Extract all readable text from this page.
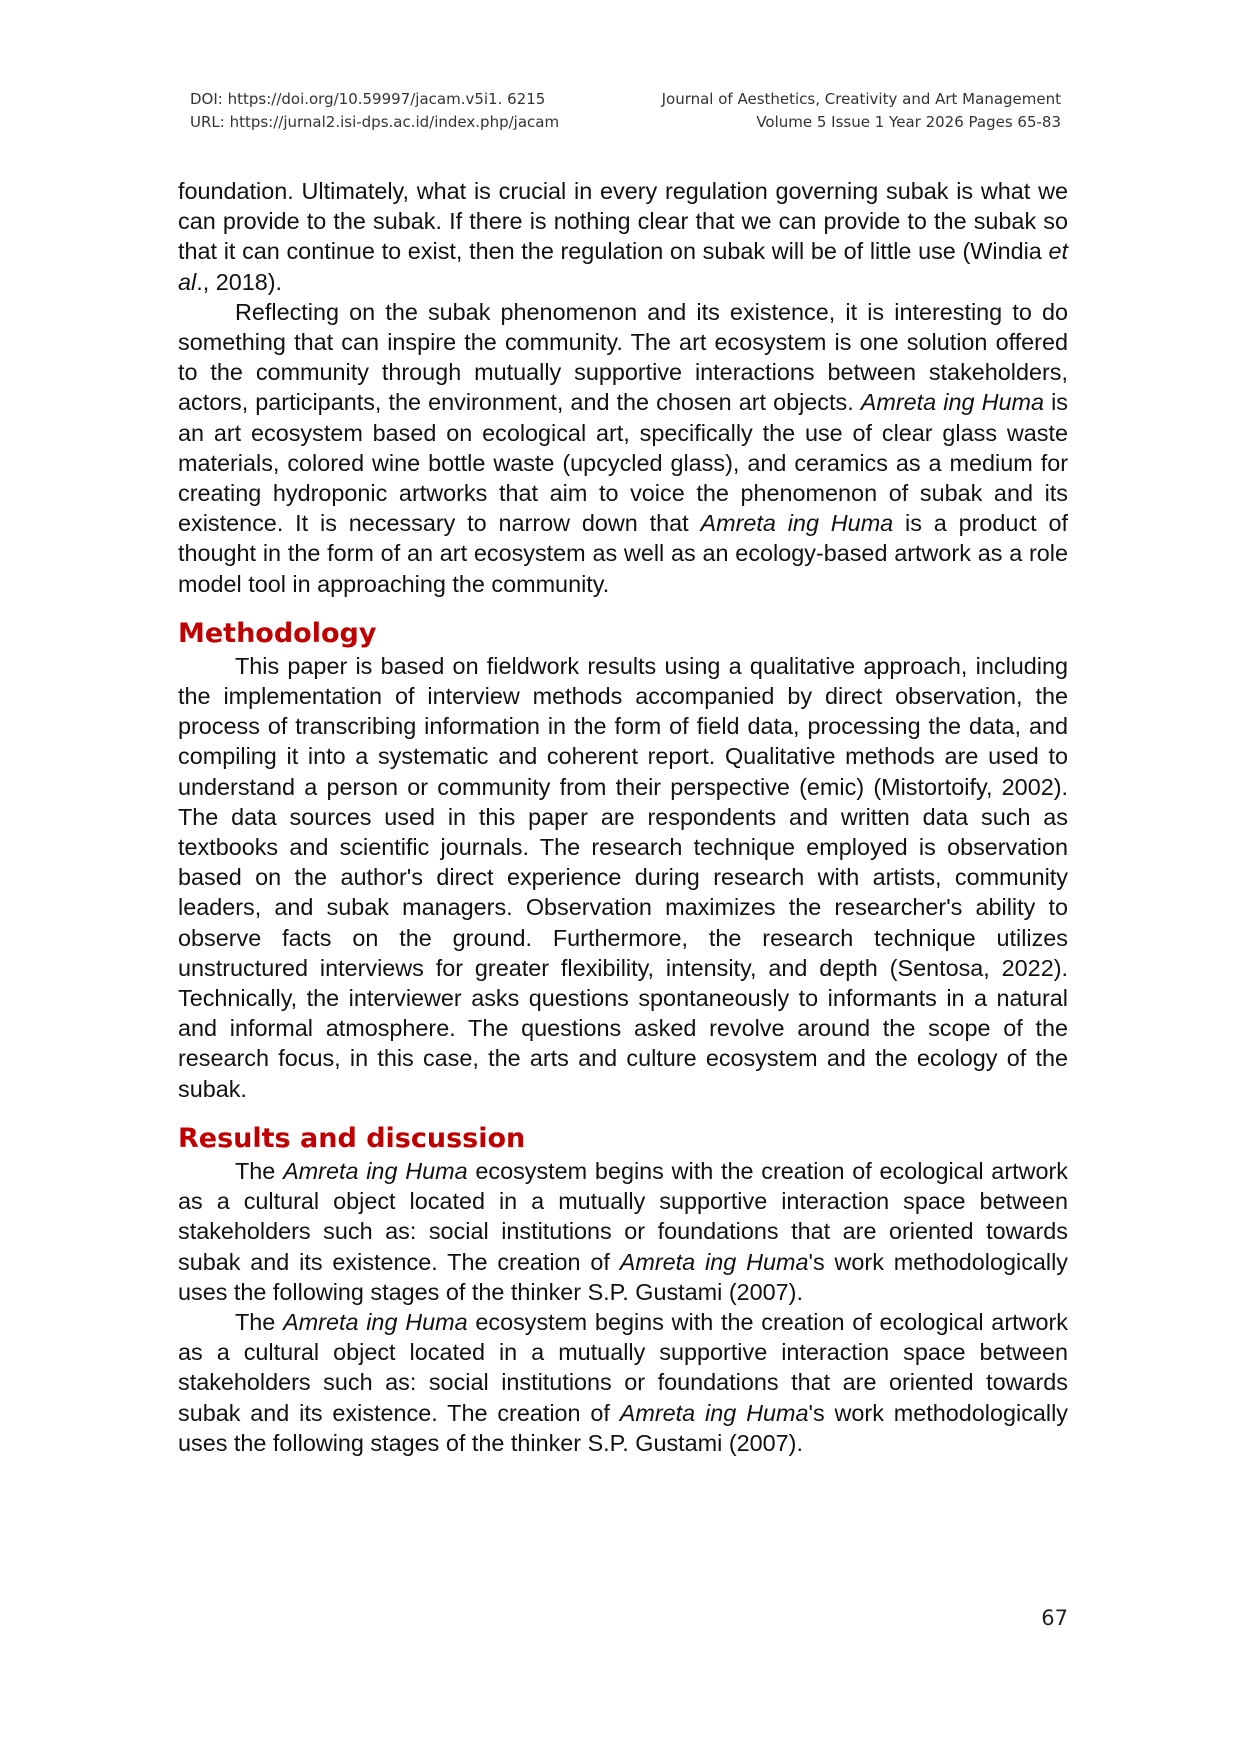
DOI: https://doi.org/10.59997/jacam.v5i1. 6215
URL: https://jurnal2.isi-dps.ac.id/index.php/jacam
Journal of Aesthetics, Creativity and Art Management
Volume 5 Issue 1 Year 2026 Pages 65-83

foundation. Ultimately, what is crucial in every regulation governing subak is what we can provide to the subak. If there is nothing clear that we can provide to the subak so that it can continue to exist, then the regulation on subak will be of little use (Windia et al., 2018).

Reflecting on the subak phenomenon and its existence, it is interesting to do something that can inspire the community. The art ecosystem is one solution offered to the community through mutually supportive interactions between stakeholders, actors, participants, the environment, and the chosen art objects. Amreta ing Huma is an art ecosystem based on ecological art, specifically the use of clear glass waste materials, colored wine bottle waste (upcycled glass), and ceramics as a medium for creating hydroponic artworks that aim to voice the phenomenon of subak and its existence. It is necessary to narrow down that Amreta ing Huma is a product of thought in the form of an art ecosystem as well as an ecology-based artwork as a role model tool in approaching the community.

Methodology

This paper is based on fieldwork results using a qualitative approach, including the implementation of interview methods accompanied by direct observation, the process of transcribing information in the form of field data, processing the data, and compiling it into a systematic and coherent report. Qualitative methods are used to understand a person or community from their perspective (emic) (Mistortoify, 2002). The data sources used in this paper are respondents and written data such as textbooks and scientific journals. The research technique employed is observation based on the author's direct experience during research with artists, community leaders, and subak managers. Observation maximizes the researcher's ability to observe facts on the ground. Furthermore, the research technique utilizes unstructured interviews for greater flexibility, intensity, and depth (Sentosa, 2022). Technically, the interviewer asks questions spontaneously to informants in a natural and informal atmosphere. The questions asked revolve around the scope of the research focus, in this case, the arts and culture ecosystem and the ecology of the subak.

Results and discussion

The Amreta ing Huma ecosystem begins with the creation of ecological artwork as a cultural object located in a mutually supportive interaction space between stakeholders such as: social institutions or foundations that are oriented towards subak and its existence. The creation of Amreta ing Huma's work methodologically uses the following stages of the thinker S.P. Gustami (2007).

The Amreta ing Huma ecosystem begins with the creation of ecological artwork as a cultural object located in a mutually supportive interaction space between stakeholders such as: social institutions or foundations that are oriented towards subak and its existence. The creation of Amreta ing Huma's work methodologically uses the following stages of the thinker S.P. Gustami (2007).

67
